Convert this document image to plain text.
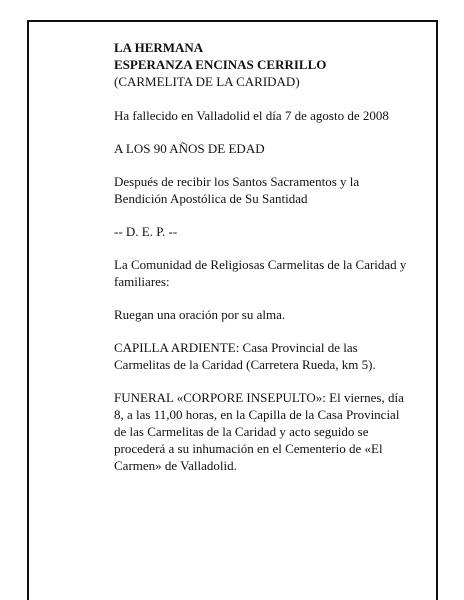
LA HERMANA
ESPERANZA ENCINAS CERRILLO
(CARMELITA DE LA CARIDAD)

Ha fallecido en Valladolid el día 7 de agosto de 2008

A LOS 90 AÑOS DE EDAD

Después de recibir los Santos Sacramentos y la
Bendición Apostólica de Su Santidad

-- D. E. P. --

La Comunidad de Religiosas Carmelitas de la Caridad y
familiares:

Ruegan una oración por su alma.

CAPILLA ARDIENTE: Casa Provincial de las
Carmelitas de la Caridad (Carretera Rueda, km 5).

FUNERAL «CORPORE INSEPULTO»: El viernes, día
8, a las 11,00 horas, en la Capilla de la Casa Provincial
de las Carmelitas de la Caridad y acto seguido se
procederá a su inhumación en el Cementerio de «El
Carmen» de Valladolid.
